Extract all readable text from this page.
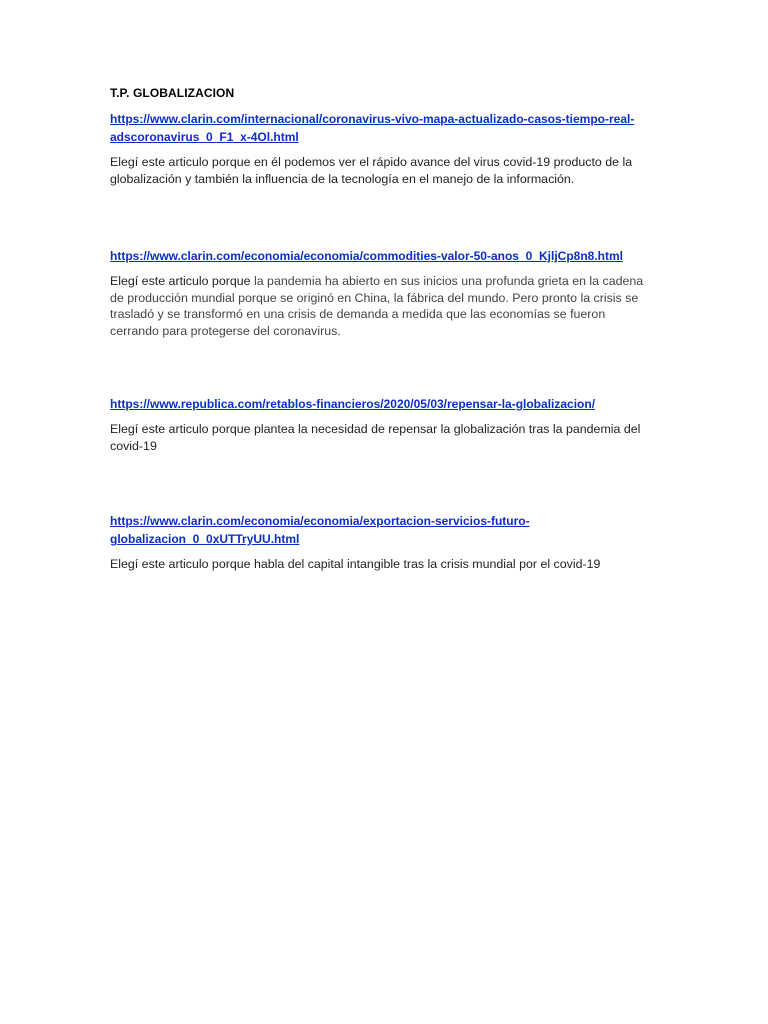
T.P. GLOBALIZACION
https://www.clarin.com/internacional/coronavirus-vivo-mapa-actualizado-casos-tiempo-real-
adscoronavirus_0_F1_x-4Ol.html

Elegí este articulo porque en él podemos ver el rápido avance del virus covid-19 producto de la globalización y también la influencia de la tecnología en el manejo de la información.

https://www.clarin.com/economia/economia/commodities-valor-50-anos_0_KjljCp8n8.html

Elegí este articulo porque la pandemia ha abierto en sus inicios una profunda grieta en la cadena de producción mundial porque se originó en China, la fábrica del mundo. Pero pronto la crisis se trasladó y se transformó en una crisis de demanda a medida que las economías se fueron cerrando para protegerse del coronavirus.

https://www.republica.com/retablos-financieros/2020/05/03/repensar-la-globalizacion/

Elegí este articulo porque plantea la necesidad de repensar la globalización tras la pandemia del covid-19

https://www.clarin.com/economia/economia/exportacion-servicios-futuro-
globalizacion_0_0xUTTryUU.html

Elegí este articulo porque habla del capital intangible tras la crisis mundial por el covid-19
